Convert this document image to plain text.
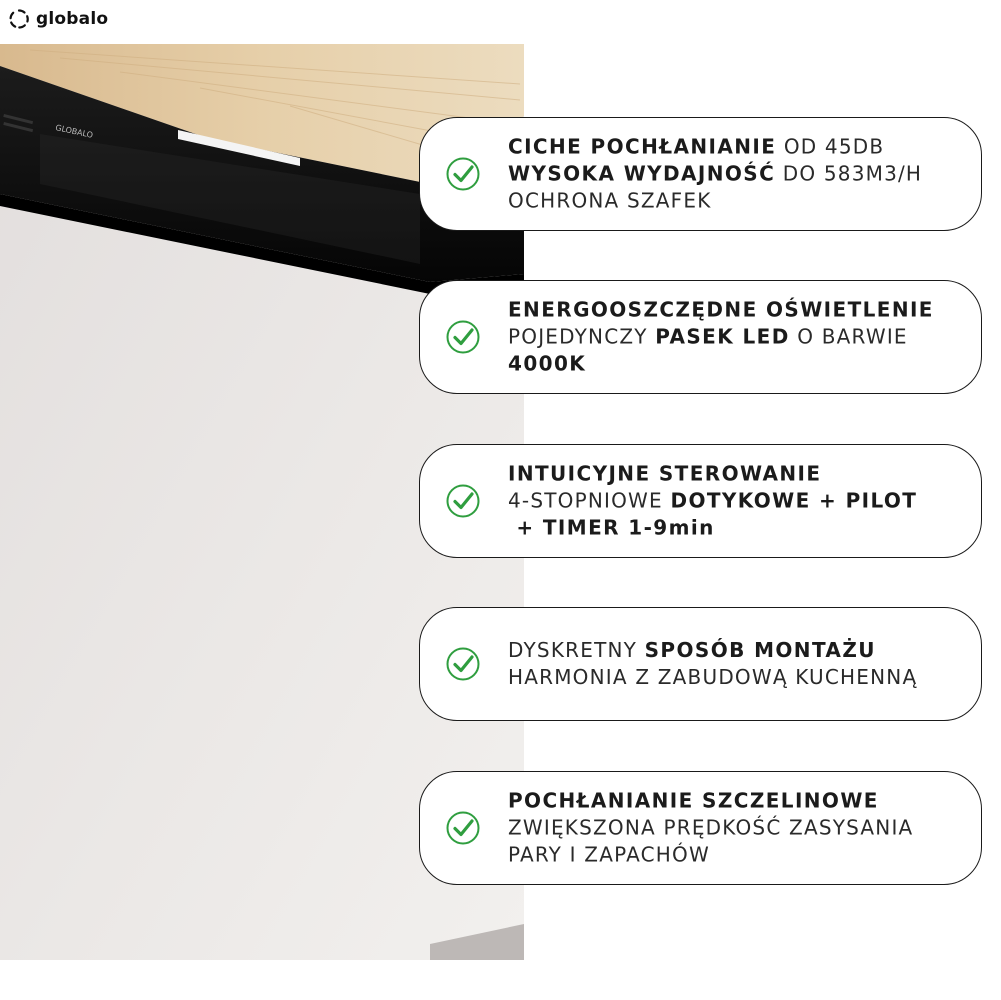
globalo
GLOBALO
CICHE POCHŁANIANIE OD 45DB
WYSOKA WYDAJNOŚĆ DO 583M3/H
OCHRONA SZAFEK
ENERGOOSZCZĘDNE OŚWIETLENIE
POJEDYNCZY PASEK LED O BARWIE
4000K
INTUICYJNE STEROWANIE
4-STOPNIOWE DOTYKOWE + PILOT
+ TIMER 1-9min
DYSKRETNY SPOSÓB MONTAŻU
HARMONIA Z ZABUDOWĄ KUCHENNĄ
POCHŁANIANIE SZCZELINOWE
ZWIĘKSZONA PRĘDKOŚĆ ZASYSANIA
PARY I ZAPACHÓW
